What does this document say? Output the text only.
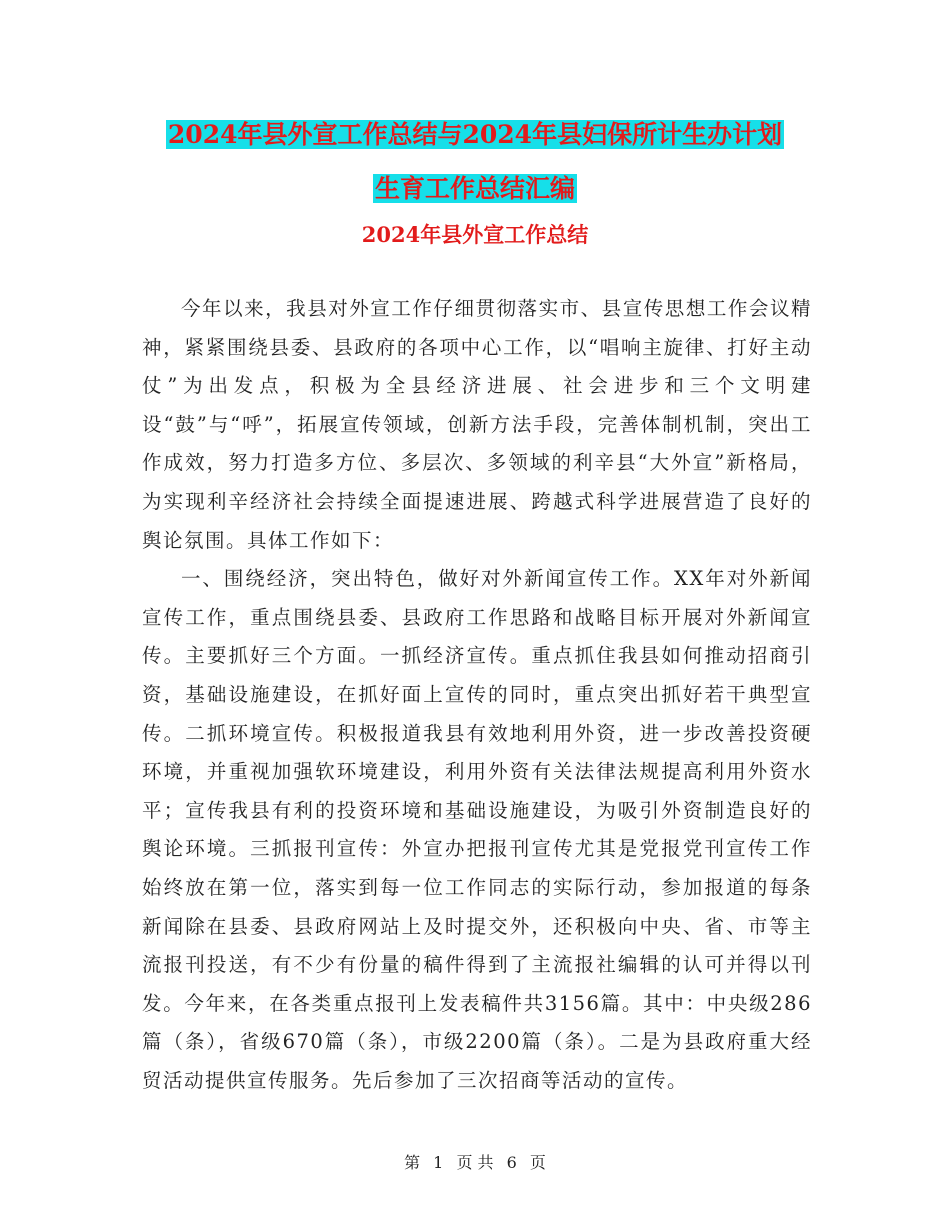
2024年县外宣工作总结与2024年县妇保所计生办计划
生育工作总结汇编
2024年县外宣工作总结

今年以来，我县对外宣工作仔细贯彻落实市、县宣传思想工作会议精神，紧紧围绕县委、县政府的各项中心工作，以“唱响主旋律、打好主动仗”为出发点，积极为全县经济进展、社会进步和三个文明建设“鼓”与“呼”，拓展宣传领域，创新方法手段，完善体制机制，突出工作成效，努力打造多方位、多层次、多领域的利辛县“大外宣”新格局，为实现利辛经济社会持续全面提速进展、跨越式科学进展营造了良好的舆论氛围。具体工作如下：

一、围绕经济，突出特色，做好对外新闻宣传工作。XX年对外新闻宣传工作，重点围绕县委、县政府工作思路和战略目标开展对外新闻宣传。主要抓好三个方面。一抓经济宣传。重点抓住我县如何推动招商引资，基础设施建设，在抓好面上宣传的同时，重点突出抓好若干典型宣传。二抓环境宣传。积极报道我县有效地利用外资，进一步改善投资硬环境，并重视加强软环境建设，利用外资有关法律法规提高利用外资水平；宣传我县有利的投资环境和基础设施建设，为吸引外资制造良好的舆论环境。三抓报刊宣传：外宣办把报刊宣传尤其是党报党刊宣传工作始终放在第一位，落实到每一位工作同志的实际行动，参加报道的每条新闻除在县委、县政府网站上及时提交外，还积极向中央、省、市等主流报刊投送，有不少有份量的稿件得到了主流报社编辑的认可并得以刊发。今年来，在各类重点报刊上发表稿件共3156篇。其中：中央级286篇（条），省级670篇（条），市级2200篇（条）。二是为县政府重大经贸活动提供宣传服务。先后参加了三次招商等活动的宣传。

第 1 页 共 6 页
